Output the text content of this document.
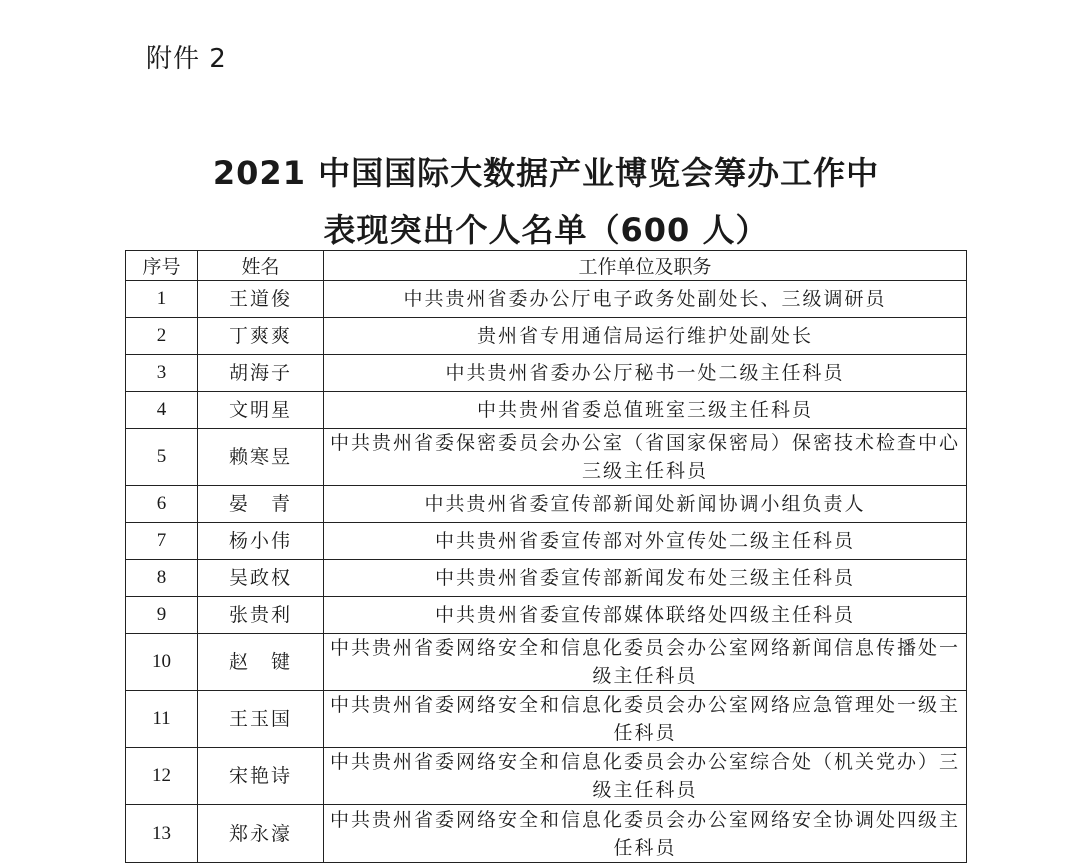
附件 2
2021 中国国际大数据产业博览会筹办工作中
表现突出个人名单（600 人）
序号	姓名	工作单位及职务
1	王道俊	中共贵州省委办公厅电子政务处副处长、三级调研员
2	丁爽爽	贵州省专用通信局运行维护处副处长
3	胡海子	中共贵州省委办公厅秘书一处二级主任科员
4	文明星	中共贵州省委总值班室三级主任科员
5	赖寒昱	中共贵州省委保密委员会办公室（省国家保密局）保密技术检查中心三级主任科员
6	晏　青	中共贵州省委宣传部新闻处新闻协调小组负责人
7	杨小伟	中共贵州省委宣传部对外宣传处二级主任科员
8	吴政权	中共贵州省委宣传部新闻发布处三级主任科员
9	张贵利	中共贵州省委宣传部媒体联络处四级主任科员
10	赵　键	中共贵州省委网络安全和信息化委员会办公室网络新闻信息传播处一级主任科员
11	王玉国	中共贵州省委网络安全和信息化委员会办公室网络应急管理处一级主任科员
12	宋艳诗	中共贵州省委网络安全和信息化委员会办公室综合处（机关党办）三级主任科员
13	郑永濠	中共贵州省委网络安全和信息化委员会办公室网络安全协调处四级主任科员
